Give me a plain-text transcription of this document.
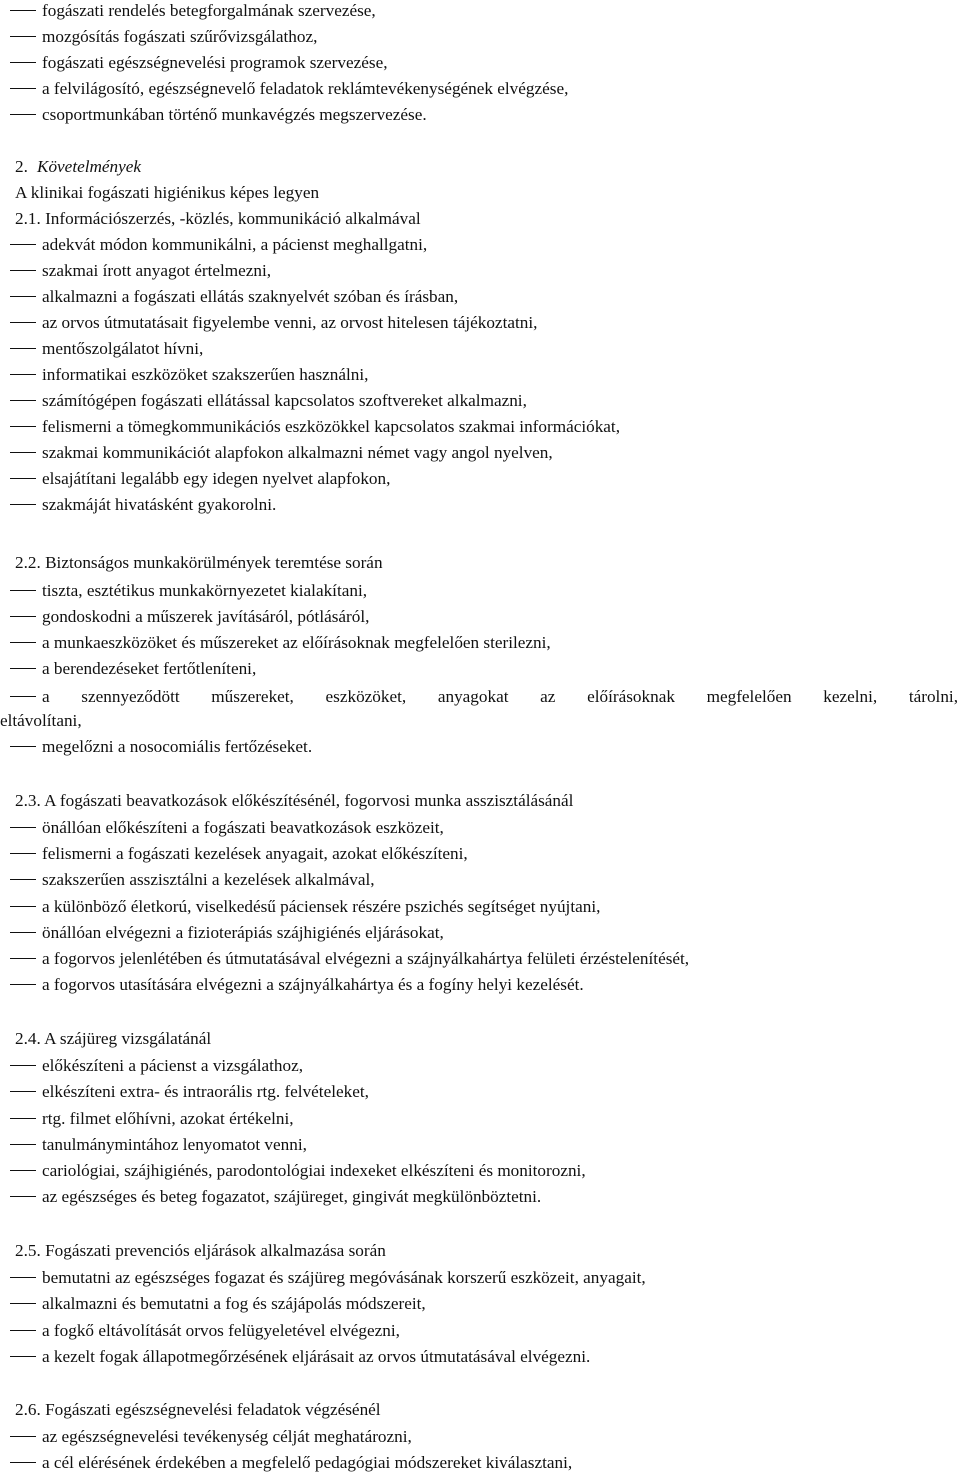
fogászati rendelés betegforgalmának szervezése,
mozgósítás fogászati szűrővizsgálathoz,
fogászati egészségnevelési programok szervezése,
a felvilágosító, egészségnevelő feladatok reklámtevékenységének elvégzése,
csoportmunkában történő munkavégzés megszervezése.
2. Követelmények
A klinikai fogászati higiénikus képes legyen
2.1. Információszerzés, -közlés, kommunikáció alkalmával
adekvát módon kommunikálni, a pácienst meghallgatni,
szakmai írott anyagot értelmezni,
alkalmazni a fogászati ellátás szaknyelvét szóban és írásban,
az orvos útmutatásait figyelembe venni, az orvost hitelesen tájékoztatni,
mentőszolgálatot hívni,
informatikai eszközöket szakszerűen használni,
számítógépen fogászati ellátással kapcsolatos szoftvereket alkalmazni,
felismerni a tömegkommunikációs eszközökkel kapcsolatos szakmai információkat,
szakmai kommunikációt alapfokon alkalmazni német vagy angol nyelven,
elsajátítani legalább egy idegen nyelvet alapfokon,
szakmáját hivatásként gyakorolni.
2.2. Biztonságos munkakörülmények teremtése során
tiszta, esztétikus munkakörnyezetet kialakítani,
gondoskodni a műszerek javításáról, pótlásáról,
a munkaeszközöket és műszereket az előírásoknak megfelelően sterilezni,
a berendezéseket fertőtleníteni,
a szennyeződött műszereket, eszközöket, anyagokat az előírásoknak megfelelően kezelni, tárolni,
eltávolítani,
megelőzni a nosocomiális fertőzéseket.
2.3. A fogászati beavatkozások előkészítésénél, fogorvosi munka asszisztálásánál
önállóan előkészíteni a fogászati beavatkozások eszközeit,
felismerni a fogászati kezelések anyagait, azokat előkészíteni,
szakszerűen asszisztálni a kezelések alkalmával,
a különböző életkorú, viselkedésű páciensek részére pszichés segítséget nyújtani,
önállóan elvégezni a fizioterápiás szájhigiénés eljárásokat,
a fogorvos jelenlétében és útmutatásával elvégezni a szájnyálkahártya felületi érzéstelenítését,
a fogorvos utasítására elvégezni a szájnyálkahártya és a fogíny helyi kezelését.
2.4. A szájüreg vizsgálatánál
előkészíteni a pácienst a vizsgálathoz,
elkészíteni extra- és intraorális rtg. felvételeket,
rtg. filmet előhívni, azokat értékelni,
tanulmánymintához lenyomatot venni,
cariológiai, szájhigiénés, parodontológiai indexeket elkészíteni és monitorozni,
az egészséges és beteg fogazatot, szájüreget, gingivát megkülönböztetni.
2.5. Fogászati prevenciós eljárások alkalmazása során
bemutatni az egészséges fogazat és szájüreg megóvásának korszerű eszközeit, anyagait,
alkalmazni és bemutatni a fog és szájápolás módszereit,
a fogkő eltávolítását orvos felügyeletével elvégezni,
a kezelt fogak állapotmegőrzésének eljárásait az orvos útmutatásával elvégezni.
2.6. Fogászati egészségnevelési feladatok végzésénél
az egészségnevelési tevékenység célját meghatározni,
a cél elérésének érdekében a megfelelő pedagógiai módszereket kiválasztani,
